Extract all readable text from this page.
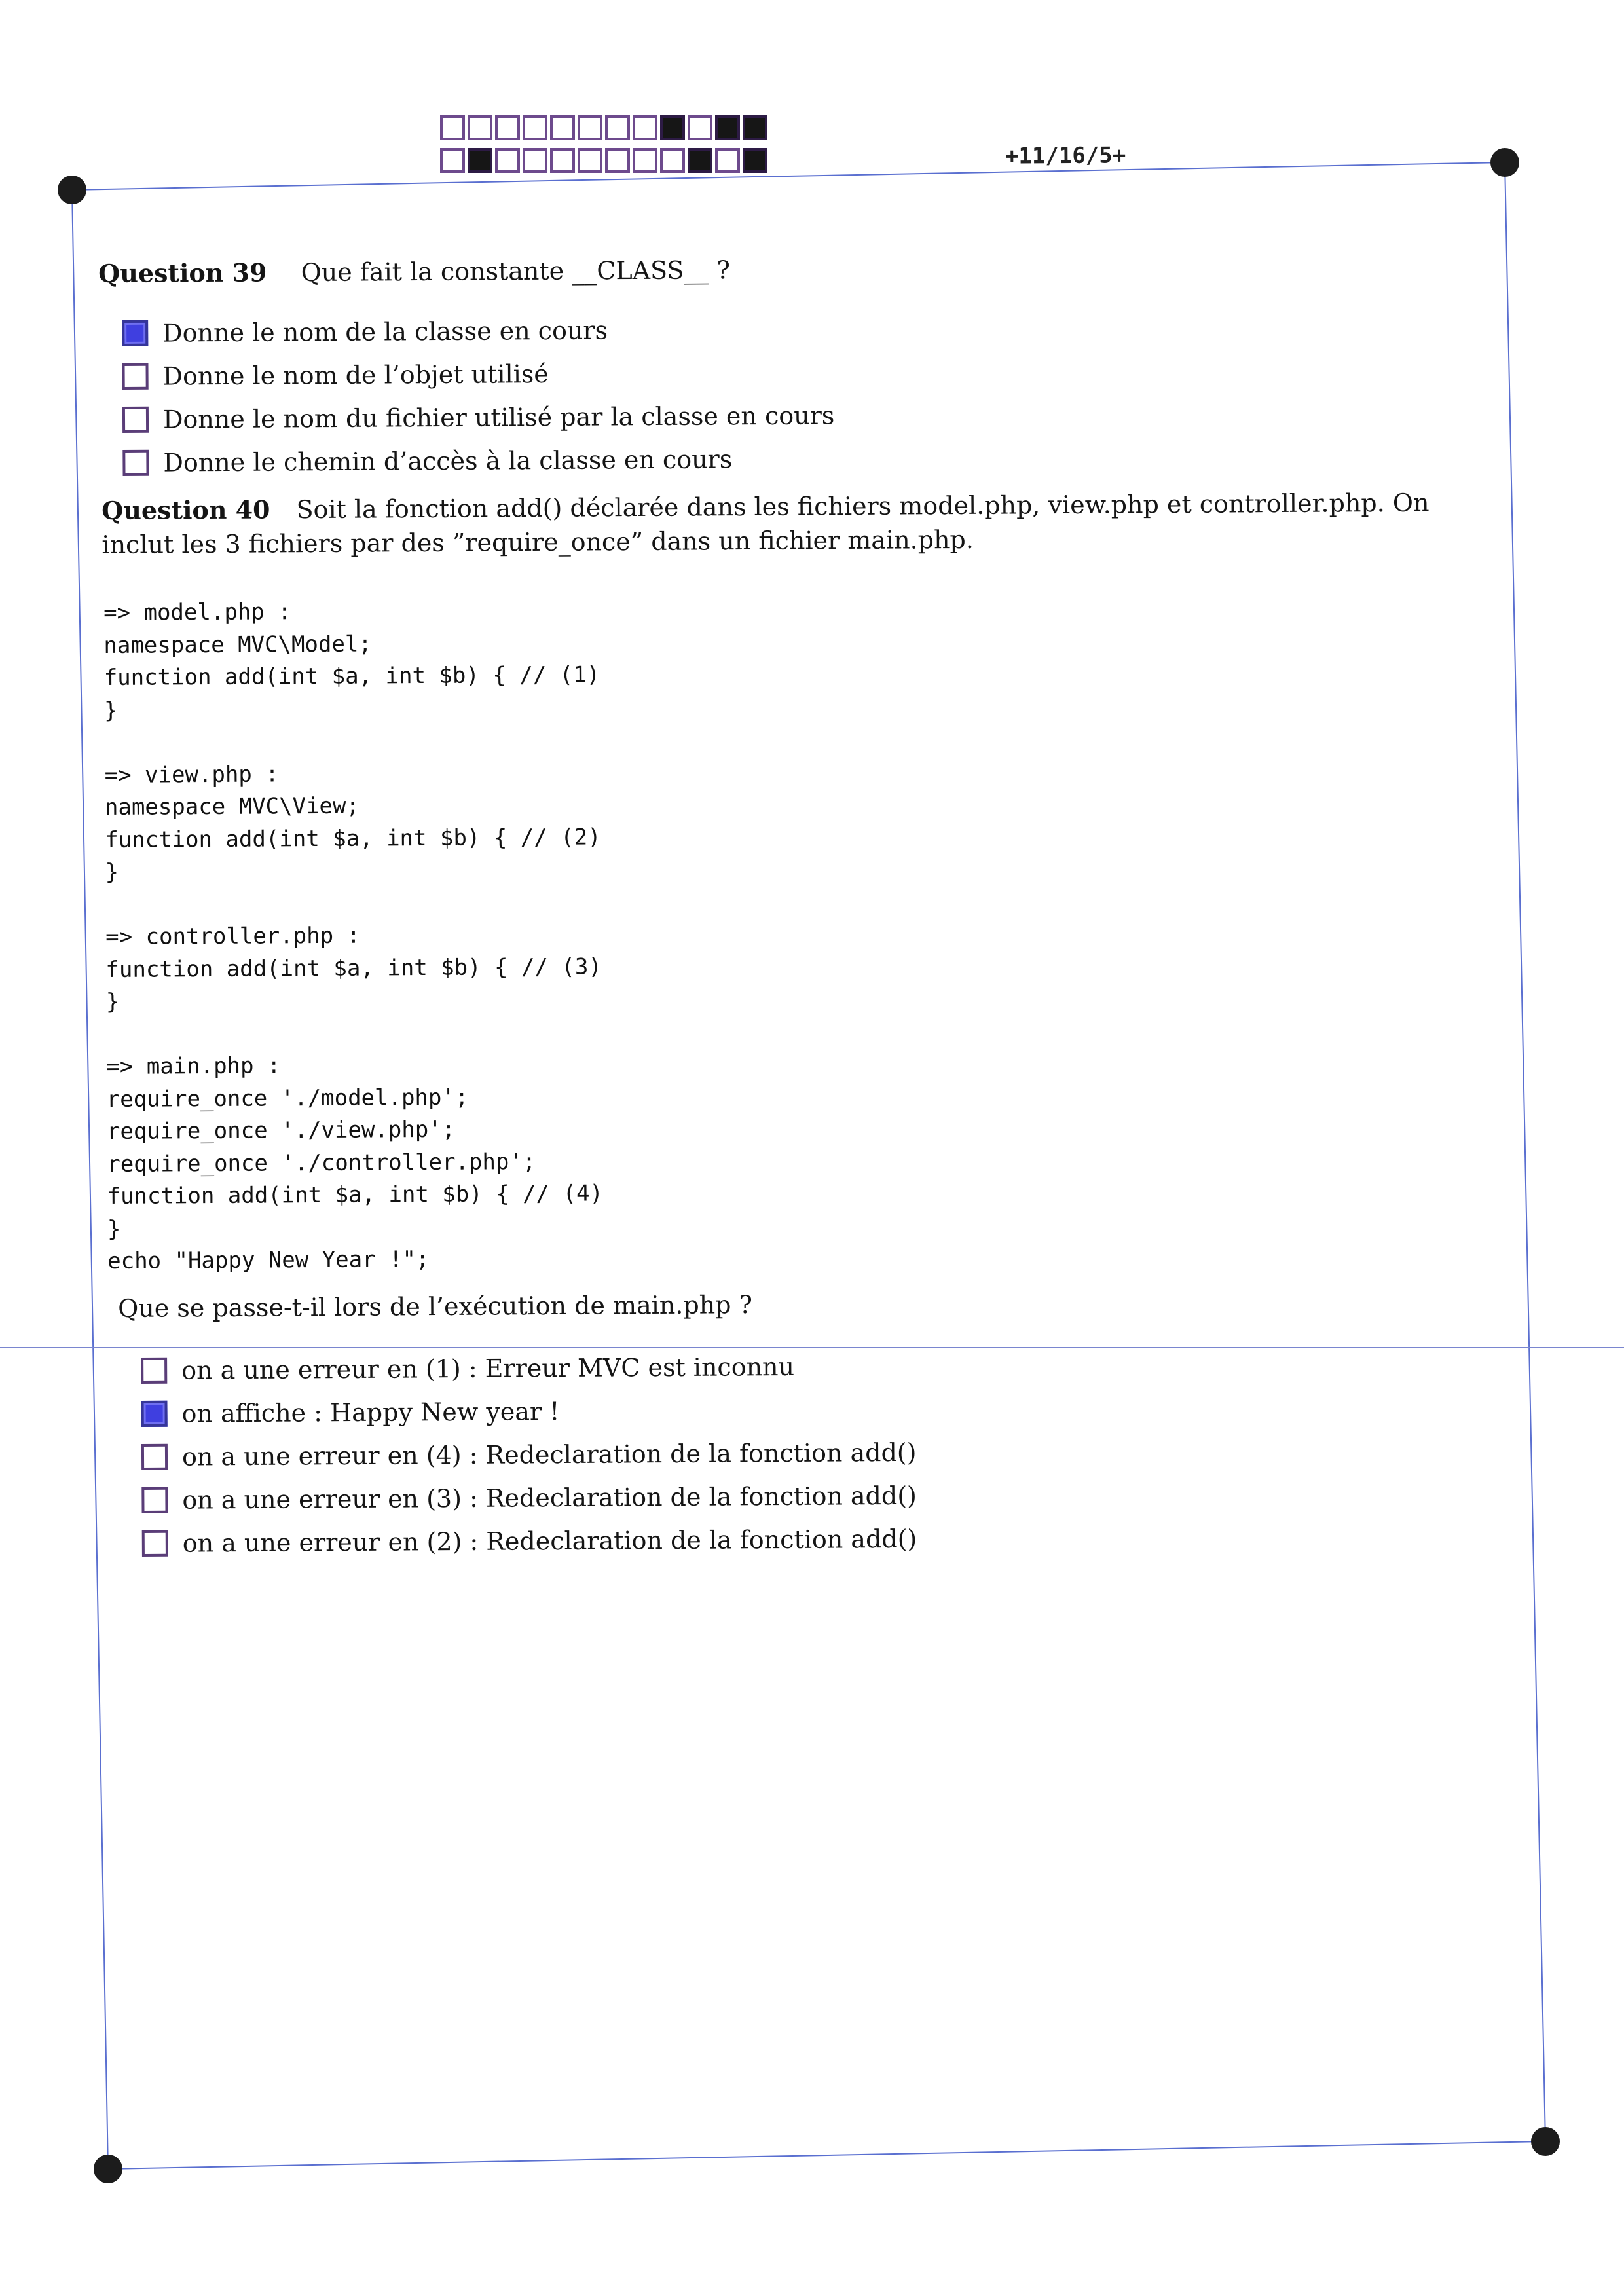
+11/16/5+
Question 39 Que fait la constante __CLASS__ ?
Donne le nom de la classe en cours
Donne le nom de l’objet utilisé
Donne le nom du fichier utilisé par la classe en cours
Donne le chemin d’accès à la classe en cours
Question 40 Soit la fonction add() déclarée dans les fichiers model.php, view.php et controller.php. On inclut les 3 fichiers par des ”require_once” dans un fichier main.php.
=> model.php :
namespace MVC\Model;
function add(int $a, int $b) { // (1)
}

=> view.php :
namespace MVC\View;
function add(int $a, int $b) { // (2)
}

=> controller.php :
function add(int $a, int $b) { // (3)
}

=> main.php :
require_once './model.php';
require_once './view.php';
require_once './controller.php';
function add(int $a, int $b) { // (4)
}
echo "Happy New Year !";
Que se passe-t-il lors de l’exécution de main.php ?
on a une erreur en (1) : Erreur MVC est inconnu
on affiche : Happy New year !
on a une erreur en (4) : Redeclaration de la fonction add()
on a une erreur en (3) : Redeclaration de la fonction add()
on a une erreur en (2) : Redeclaration de la fonction add()
